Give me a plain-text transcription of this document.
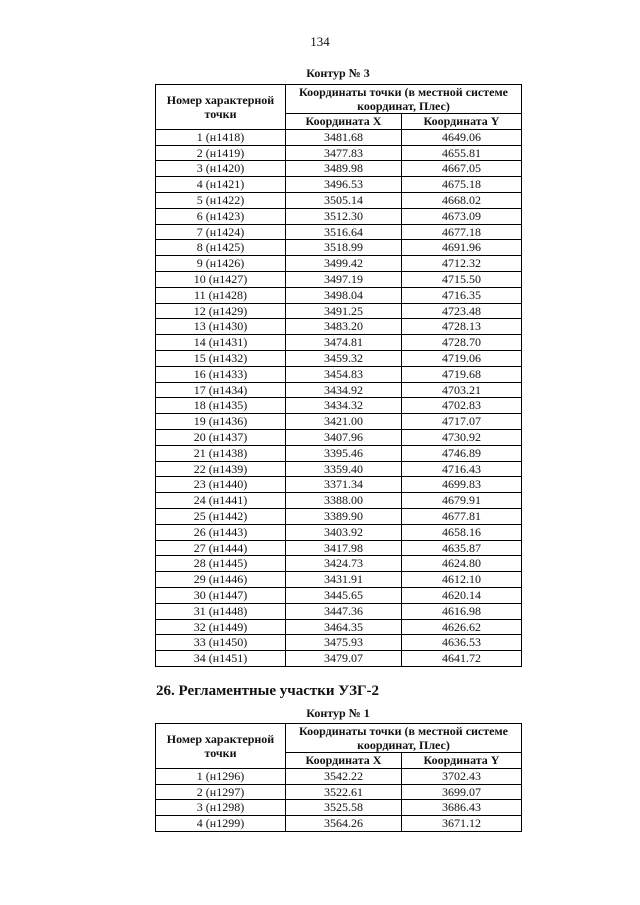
134
Контур № 3
Номер характерной точки	Координаты точки (в местной системе координат, Плес)	
	Координата X	Координата Y
1 (н1418)	3481.68	4649.06
2 (н1419)	3477.83	4655.81
3 (н1420)	3489.98	4667.05
4 (н1421)	3496.53	4675.18
5 (н1422)	3505.14	4668.02
6 (н1423)	3512.30	4673.09
7 (н1424)	3516.64	4677.18
8 (н1425)	3518.99	4691.96
9 (н1426)	3499.42	4712.32
10 (н1427)	3497.19	4715.50
11 (н1428)	3498.04	4716.35
12 (н1429)	3491.25	4723.48
13 (н1430)	3483.20	4728.13
14 (н1431)	3474.81	4728.70
15 (н1432)	3459.32	4719.06
16 (н1433)	3454.83	4719.68
17 (н1434)	3434.92	4703.21
18 (н1435)	3434.32	4702.83
19 (н1436)	3421.00	4717.07
20 (н1437)	3407.96	4730.92
21 (н1438)	3395.46	4746.89
22 (н1439)	3359.40	4716.43
23 (н1440)	3371.34	4699.83
24 (н1441)	3388.00	4679.91
25 (н1442)	3389.90	4677.81
26 (н1443)	3403.92	4658.16
27 (н1444)	3417.98	4635.87
28 (н1445)	3424.73	4624.80
29 (н1446)	3431.91	4612.10
30 (н1447)	3445.65	4620.14
31 (н1448)	3447.36	4616.98
32 (н1449)	3464.35	4626.62
33 (н1450)	3475.93	4636.53
34 (н1451)	3479.07	4641.72
26. Регламентные участки УЗГ-2
Контур № 1
Номер характерной точки	Координаты точки (в местной системе координат, Плес)	
	Координата X	Координата Y
1 (н1296)	3542.22	3702.43
2 (н1297)	3522.61	3699.07
3 (н1298)	3525.58	3686.43
4 (н1299)	3564.26	3671.12
